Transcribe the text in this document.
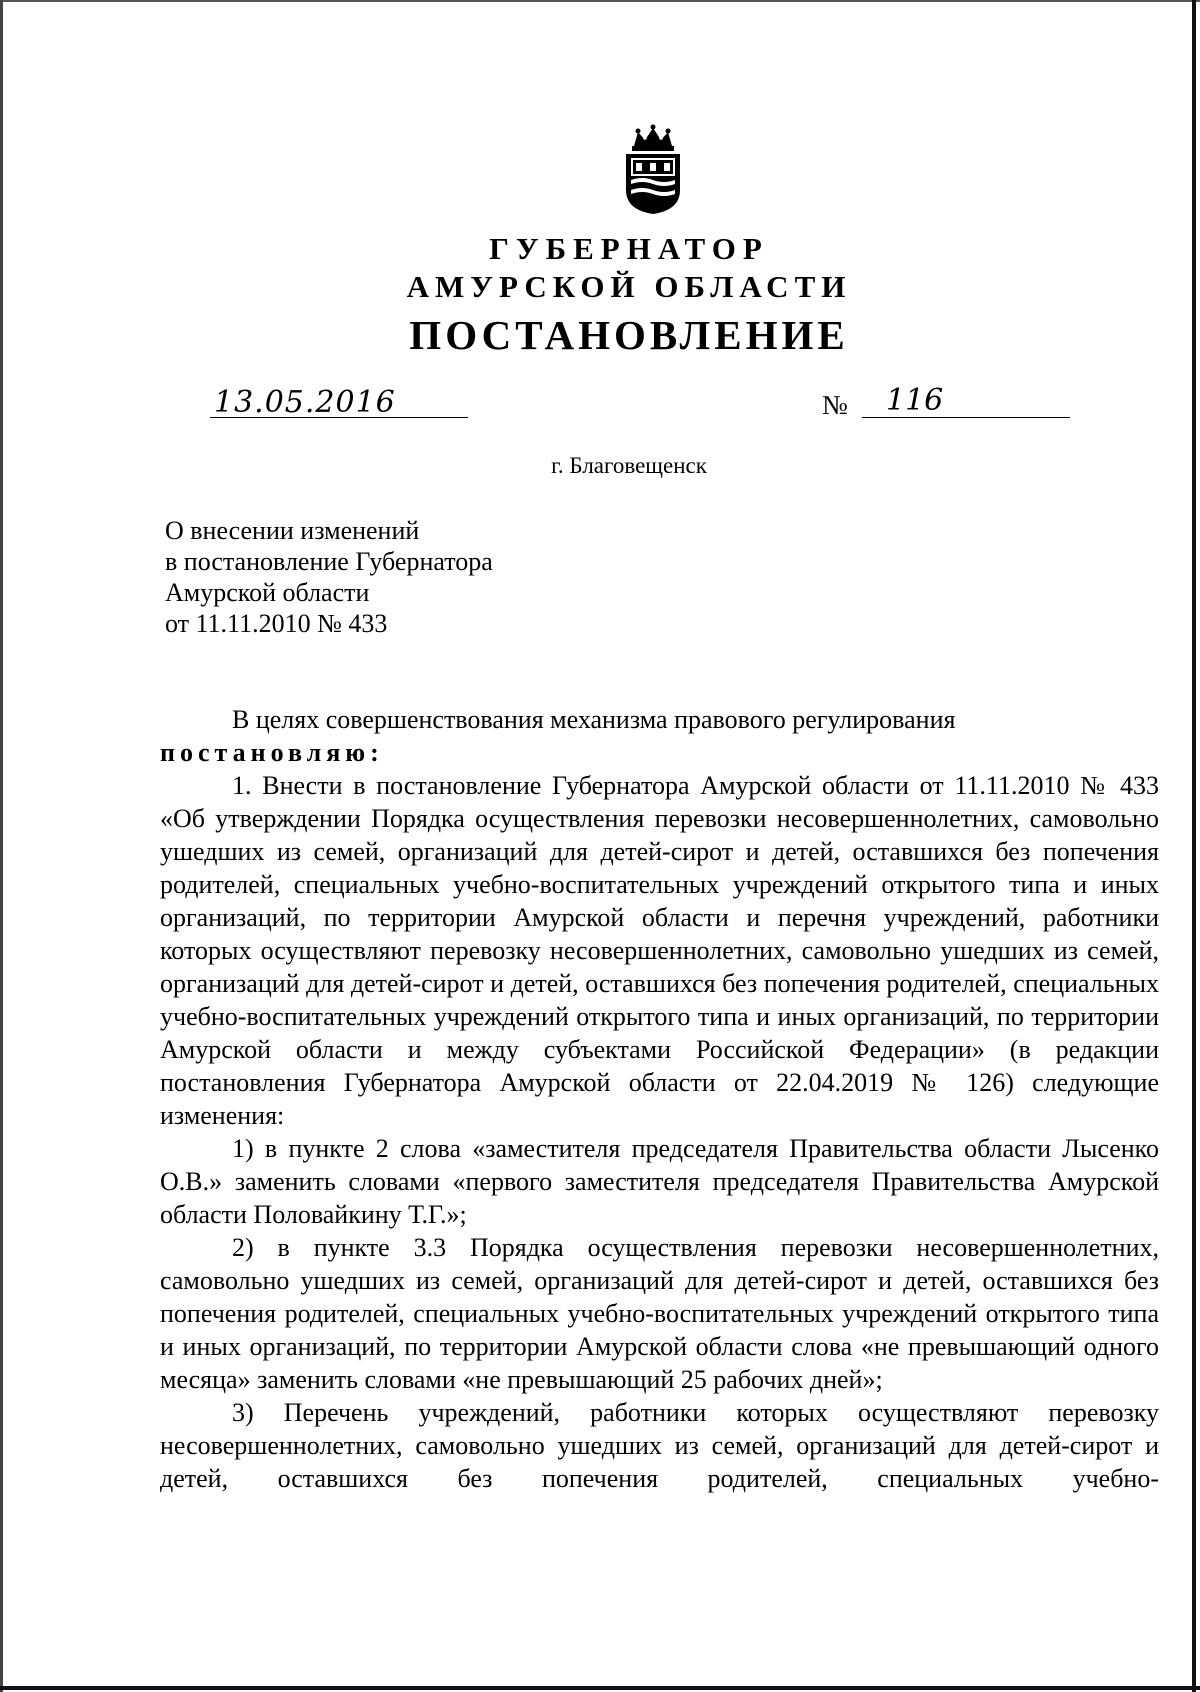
ГУБЕРНАТОР
АМУРСКОЙ ОБЛАСТИ
ПОСТАНОВЛЕНИЕ
13.05.2016	№ 116
г. Благовещенск
О внесении изменений
в постановление Губернатора
Амурской области
от 11.11.2010 № 433

В целях совершенствования механизма правового регулирования

постановляю:

1. Внести в постановление Губернатора Амурской области от 11.11.2010 № 433 «Об утверждении Порядка осуществления перевозки несовершеннолетних, самовольно ушедших из семей, организаций для детей-сирот и детей, оставшихся без попечения родителей, специальных учебно-воспитательных учреждений открытого типа и иных организаций, по территории Амурской области и перечня учреждений, работники которых осуществляют перевозку несовершеннолетних, самовольно ушедших из семей, организаций для детей-сирот и детей, оставшихся без попечения родителей, специальных учебно-воспитательных учреждений открытого типа и иных организаций, по территории Амурской области и между субъектами Российской Федерации» (в редакции постановления Губернатора Амурской области от 22.04.2019 № 126) следующие изменения:

1) в пункте 2 слова «заместителя председателя Правительства области Лысенко О.В.» заменить словами «первого заместителя председателя Правительства Амурской области Половайкину Т.Г.»;

2) в пункте 3.3 Порядка осуществления перевозки несовершеннолетних, самовольно ушедших из семей, организаций для детей-сирот и детей, оставшихся без попечения родителей, специальных учебно-воспитательных учреждений открытого типа и иных организаций, по территории Амурской области слова «не превышающий одного месяца» заменить словами «не превышающий 25 рабочих дней»;

3) Перечень учреждений, работники которых осуществляют перевозку несовершеннолетних, самовольно ушедших из семей, организаций для детей-сирот и детей, оставшихся без попечения родителей, специальных учебно-
